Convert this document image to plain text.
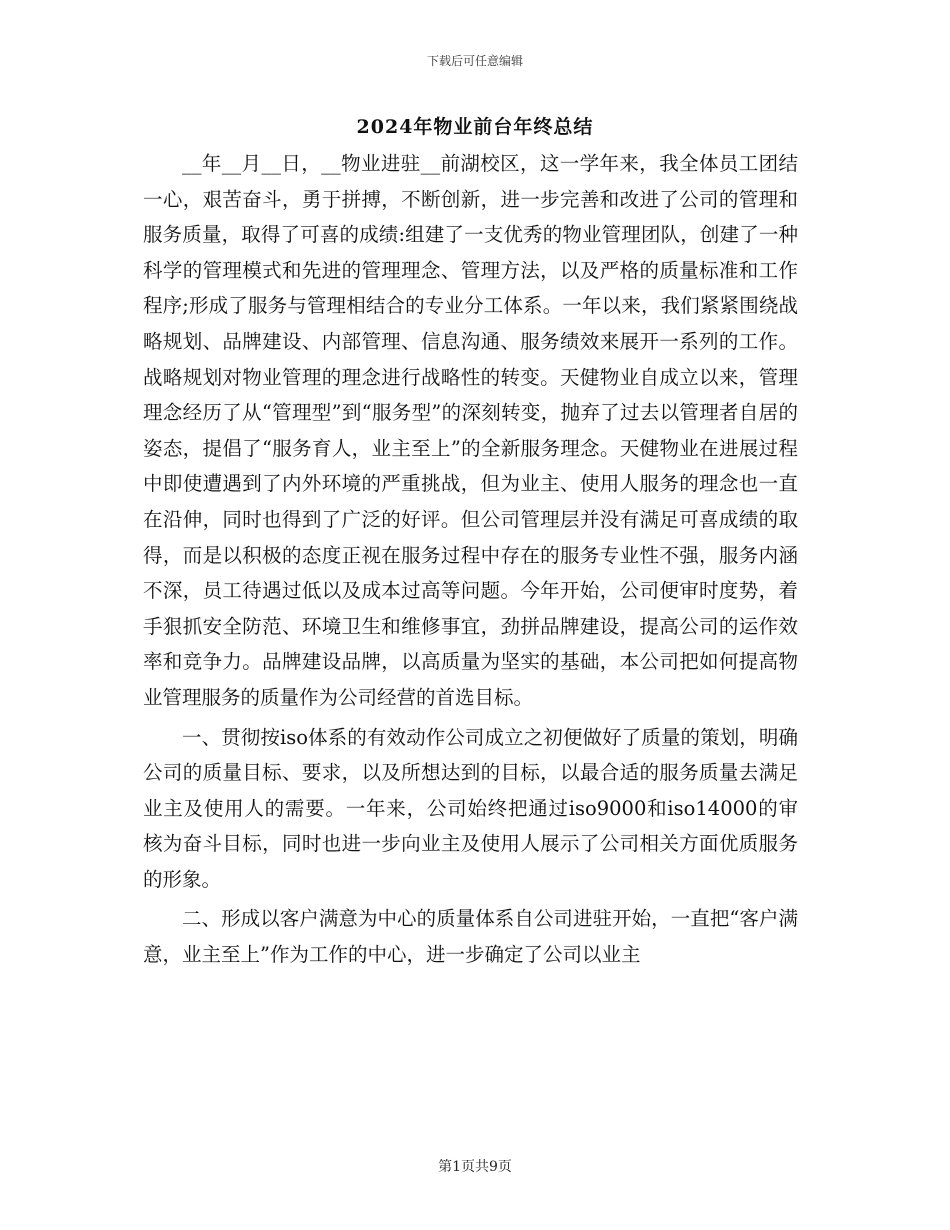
下载后可任意编辑
2024年物业前台年终总结

__年__月__日，__物业进驻__前湖校区，这一学年来，我全体员工团结一心，艰苦奋斗，勇于拼搏，不断创新，进一步完善和改进了公司的管理和服务质量，取得了可喜的成绩:组建了一支优秀的物业管理团队，创建了一种科学的管理模式和先进的管理理念、管理方法，以及严格的质量标准和工作程序;形成了服务与管理相结合的专业分工体系。一年以来，我们紧紧围绕战略规划、品牌建设、内部管理、信息沟通、服务绩效来展开一系列的工作。战略规划对物业管理的理念进行战略性的转变。天健物业自成立以来，管理理念经历了从“管理型”到“服务型”的深刻转变，抛弃了过去以管理者自居的姿态，提倡了“服务育人，业主至上”的全新服务理念。天健物业在进展过程中即使遭遇到了内外环境的严重挑战，但为业主、使用人服务的理念也一直在沿伸，同时也得到了广泛的好评。但公司管理层并没有满足可喜成绩的取得，而是以积极的态度正视在服务过程中存在的服务专业性不强，服务内涵不深，员工待遇过低以及成本过高等问题。今年开始，公司便审时度势，着手狠抓安全防范、环境卫生和维修事宜，劲拼品牌建设，提高公司的运作效率和竞争力。品牌建设品牌，以高质量为坚实的基础，本公司把如何提高物业管理服务的质量作为公司经营的首选目标。

一、贯彻按iso体系的有效动作公司成立之初便做好了质量的策划，明确公司的质量目标、要求，以及所想达到的目标，以最合适的服务质量去满足业主及使用人的需要。一年来，公司始终把通过iso9000和iso14000的审核为奋斗目标，同时也进一步向业主及使用人展示了公司相关方面优质服务的形象。

二、形成以客户满意为中心的质量体系自公司进驻开始，一直把“客户满意，业主至上”作为工作的中心，进一步确定了公司以业主

第1页共9页
